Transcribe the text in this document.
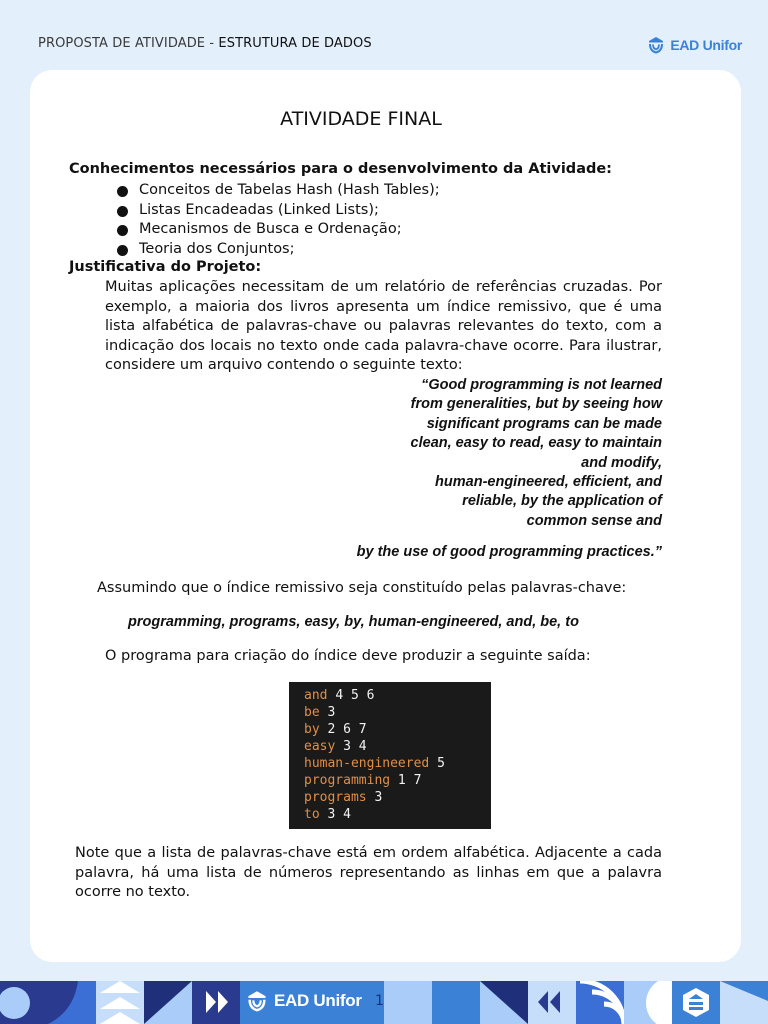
PROPOSTA DE ATIVIDADE - ESTRUTURA DE DADOS	EAD Unifor
ATIVIDADE FINAL
Conhecimentos necessários para o desenvolvimento da Atividade:
Conceitos de Tabelas Hash (Hash Tables);
Listas Encadeadas (Linked Lists);
Mecanismos de Busca e Ordenação;
Teoria dos Conjuntos;
Justificativa do Projeto:

Muitas aplicações necessitam de um relatório de referências cruzadas. Por exemplo, a maioria dos livros apresenta um índice remissivo, que é uma lista alfabética de palavras-chave ou palavras relevantes do texto, com a indicação dos locais no texto onde cada palavra-chave ocorre. Para ilustrar, considere um arquivo contendo o seguinte texto:

“Good programming is not learned
from generalities, but by seeing how
significant programs can be made
clean, easy to read, easy to maintain
and modify,
human-engineered, efficient, and
reliable, by the application of
common sense and
by the use of good programming practices.”
Assumindo que o índice remissivo seja constituído pelas palavras-chave:
programming, programs, easy, by, human-engineered, and, be, to
O programa para criação do índice deve produzir a seguinte saída:
and 4 5 6
be 3
by 2 6 7
easy 3 4
human-engineered 5
programming 1 7
programs 3
to 3 4

Note que a lista de palavras-chave está em ordem alfabética. Adjacente a cada palavra, há uma lista de números representando as linhas em que a palavra ocorre no texto.

EAD Unifor 1
